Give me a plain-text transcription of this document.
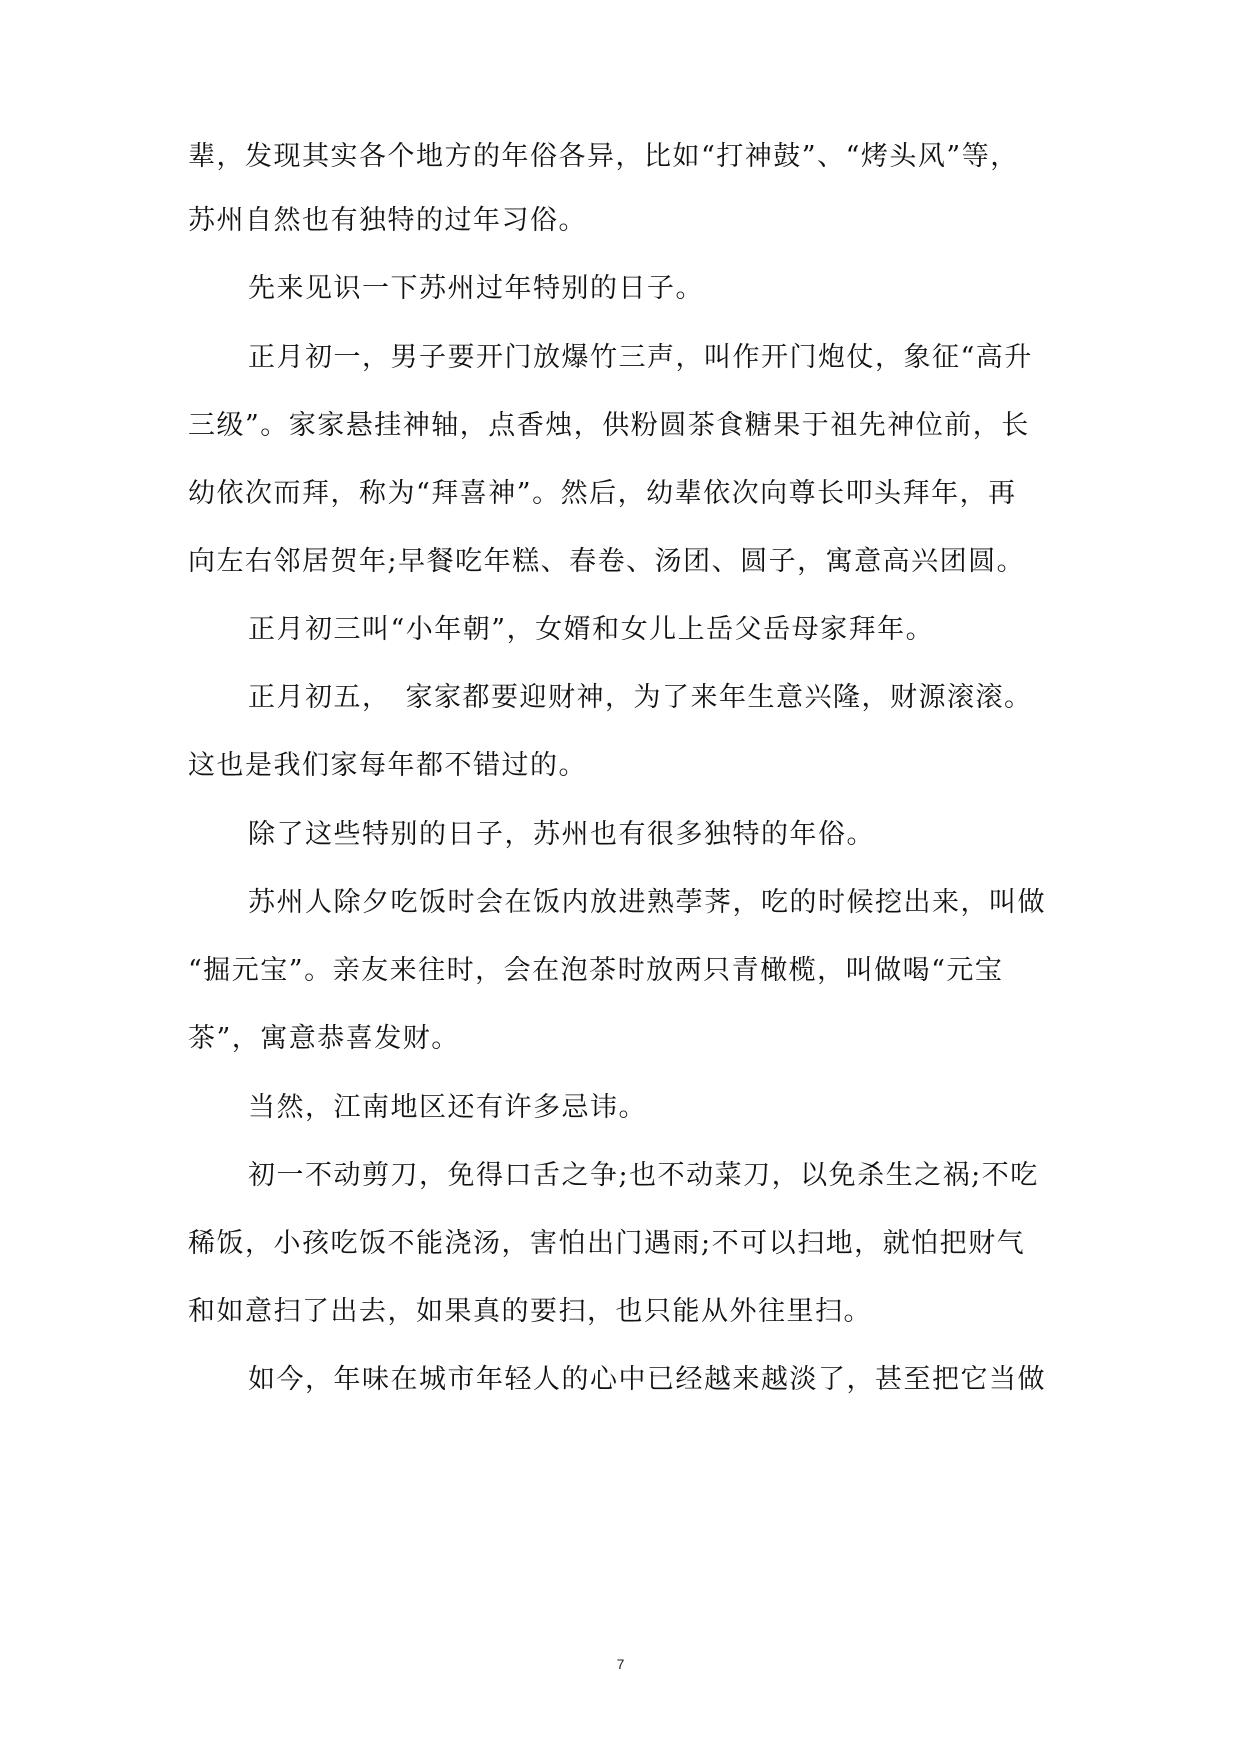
辈，发现其实各个地方的年俗各异，比如“打神鼓”、“烤头风”等，
苏州自然也有独特的过年习俗。
先来见识一下苏州过年特别的日子。
正月初一，男子要开门放爆竹三声，叫作开门炮仗，象征“高升
三级”。家家悬挂神轴，点香烛，供粉圆茶食糖果于祖先神位前，长
幼依次而拜，称为“拜喜神”。然后，幼辈依次向尊长叩头拜年，再
向左右邻居贺年;早餐吃年糕、春卷、汤团、圆子，寓意高兴团圆。
正月初三叫“小年朝”，女婿和女儿上岳父岳母家拜年。
正月初五，　家家都要迎财神，为了来年生意兴隆，财源滚滚。
这也是我们家每年都不错过的。
除了这些特别的日子，苏州也有很多独特的年俗。
苏州人除夕吃饭时会在饭内放进熟荸荠，吃的时候挖出来，叫做
“掘元宝”。亲友来往时，会在泡茶时放两只青橄榄，叫做喝“元宝
茶”，寓意恭喜发财。
当然，江南地区还有许多忌讳。
初一不动剪刀，免得口舌之争;也不动菜刀，以免杀生之祸;不吃
稀饭，小孩吃饭不能浇汤，害怕出门遇雨;不可以扫地，就怕把财气
和如意扫了出去，如果真的要扫，也只能从外往里扫。
如今，年味在城市年轻人的心中已经越来越淡了，甚至把它当做
7
